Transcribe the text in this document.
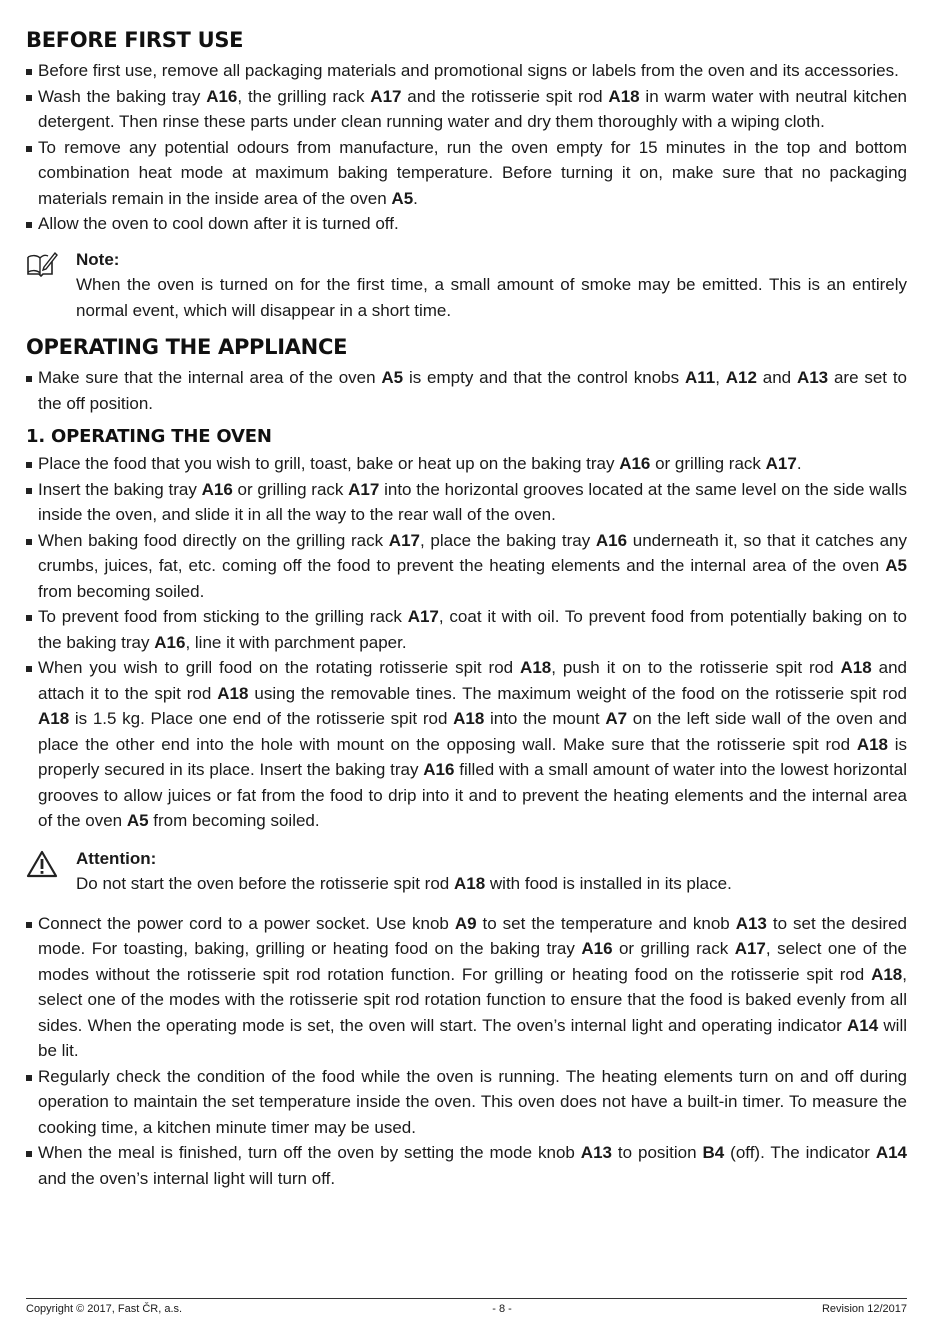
BEFORE FIRST USE
Before first use, remove all packaging materials and promotional signs or labels from the oven and its accessories.
Wash the baking tray A16, the grilling rack A17 and the rotisserie spit rod A18 in warm water with neutral kitchen detergent. Then rinse these parts under clean running water and dry them thoroughly with a wiping cloth.
To remove any potential odours from manufacture, run the oven empty for 15 minutes in the top and bottom combination heat mode at maximum baking temperature. Before turning it on, make sure that no packaging materials remain in the inside area of the oven A5.
Allow the oven to cool down after it is turned off.
Note:
When the oven is turned on for the first time, a small amount of smoke may be emitted. This is an entirely normal event, which will disappear in a short time.
OPERATING THE APPLIANCE
Make sure that the internal area of the oven A5 is empty and that the control knobs A11, A12 and A13 are set to the off position.
1. OPERATING THE OVEN
Place the food that you wish to grill, toast, bake or heat up on the baking tray A16 or grilling rack A17.
Insert the baking tray A16 or grilling rack A17 into the horizontal grooves located at the same level on the side walls inside the oven, and slide it in all the way to the rear wall of the oven.
When baking food directly on the grilling rack A17, place the baking tray A16 underneath it, so that it catches any crumbs, juices, fat, etc. coming off the food to prevent the heating elements and the internal area of the oven A5 from becoming soiled.
To prevent food from sticking to the grilling rack A17, coat it with oil. To prevent food from potentially baking on to the baking tray A16, line it with parchment paper.
When you wish to grill food on the rotating rotisserie spit rod A18, push it on to the rotisserie spit rod A18 and attach it to the spit rod A18 using the removable tines. The maximum weight of the food on the rotisserie spit rod A18 is 1.5 kg. Place one end of the rotisserie spit rod A18 into the mount A7 on the left side wall of the oven and place the other end into the hole with mount on the opposing wall. Make sure that the rotisserie spit rod A18 is properly secured in its place. Insert the baking tray A16 filled with a small amount of water into the lowest horizontal grooves to allow juices or fat from the food to drip into it and to prevent the heating elements and the internal area of the oven A5 from becoming soiled.
Attention:
Do not start the oven before the rotisserie spit rod A18 with food is installed in its place.
Connect the power cord to a power socket. Use knob A9 to set the temperature and knob A13 to set the desired mode. For toasting, baking, grilling or heating food on the baking tray A16 or grilling rack A17, select one of the modes without the rotisserie spit rod rotation function. For grilling or heating food on the rotisserie spit rod A18, select one of the modes with the rotisserie spit rod rotation function to ensure that the food is baked evenly from all sides. When the operating mode is set, the oven will start. The oven’s internal light and operating indicator A14 will be lit.
Regularly check the condition of the food while the oven is running. The heating elements turn on and off during operation to maintain the set temperature inside the oven. This oven does not have a built-in timer. To measure the cooking time, a kitchen minute timer may be used.
When the meal is finished, turn off the oven by setting the mode knob A13 to position B4 (off). The indicator A14 and the oven’s internal light will turn off.
Copyright © 2017, Fast ČR, a.s.	- 8 -	Revision 12/2017
